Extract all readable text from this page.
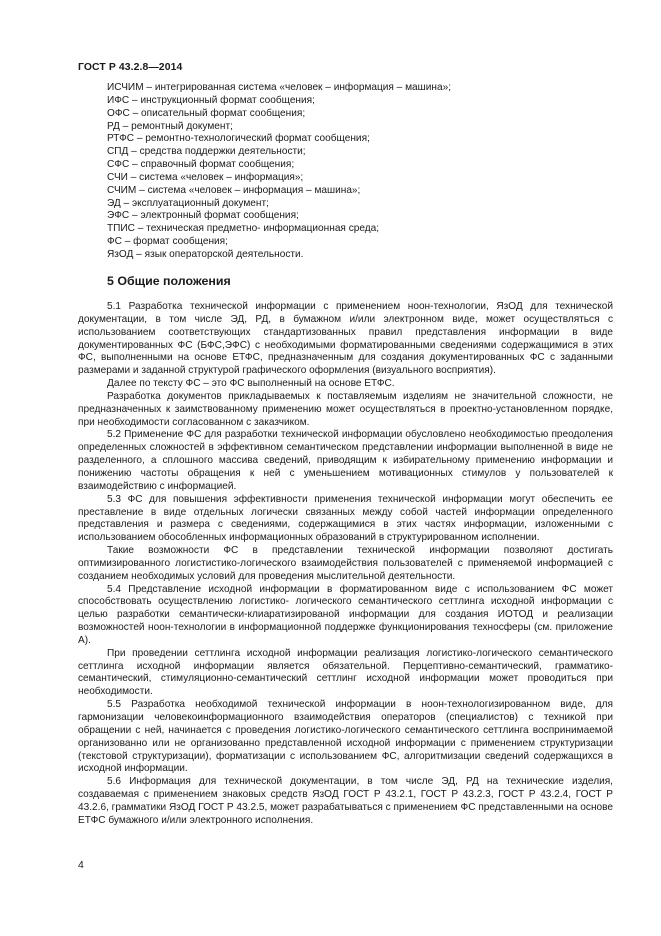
ГОСТ Р 43.2.8—2014
ИСЧИМ – интегрированная система «человек – информация – машина»;
ИФС – инструкционный формат сообщения;
ОФС – описательный формат сообщения;
РД – ремонтный документ;
РТФС – ремонтно-технологический формат сообщения;
СПД – средства поддержки деятельности;
СФС – справочный формат сообщения;
СЧИ – система «человек – информация»;
СЧИМ – система «человек – информация – машина»;
ЭД – эксплуатационный документ;
ЭФС – электронный формат сообщения;
ТПИС – техническая предметно- информационная среда;
ФС – формат сообщения;
ЯзОД – язык операторской деятельности.
5 Общие положения

5.1 Разработка технической информации с применением ноон-технологии, ЯзОД для технической документации, в том числе ЭД, РД, в бумажном и/или электронном виде, может осуществляться с использованием соответствующих стандартизованных правил представления информации в виде документированных ФС (БФС,ЭФС) с необходимыми форматированными сведениями содержащимися в этих ФС, выполненными на основе ЕТФС, предназначенным для создания документированных ФС с заданными размерами и заданной структурой графического оформления (визуального восприятия).

Далее по тексту ФС – это ФС выполненный на основе ЕТФС.

Разработка документов прикладываемых к поставляемым изделиям не значительной сложности, не предназначенных к заимствованному применению может осуществляться в проектно-установленном порядке, при необходимости согласованном с заказчиком.

5.2 Применение ФС для разработки технической информации обусловлено необходимостью преодоления определенных сложностей в эффективном семантическом представлении информации выполненной в виде не разделенного, а сплошного массива сведений, приводящим к избирательному применению информации и понижению частоты обращения к ней с уменьшением мотивационных стимулов у пользователей к взаимодействию с информацией.

5.3 ФС для повышения эффективности применения технической информации могут обеспечить ее преставление в виде отдельных логически связанных между собой частей информации определенного представления и размера с сведениями, содержащимися в этих частях информации, изложенными с использованием обособленных информационных образований в структурированном исполнении.

Такие возможности ФС в представлении технической информации позволяют достигать оптимизированного логистистико-логического взаимодействия пользователей с применяемой информацией с созданием необходимых условий для проведения мыслительной деятельности.

5.4 Представление исходной информации в форматированном виде с использованием ФС может способствовать осуществлению логистико- логического семантического сеттлинга исходной информации с целью разработки семантически-клиаратизированой информации для создания ИОТОД и реализации возможностей ноон-технологии в информационной поддержке функционирования техносферы (см. приложение А).

При проведении сеттлинга исходной информации реализация логистико-логического семантического сеттлинга исходной информации является обязательной. Перцептивно-семантический, грамматико-семантический, стимуляционно-семантический сеттлинг исходной информации может проводиться при необходимости.

5.5 Разработка необходимой технической информации в ноон-технологизированном виде, для гармонизации человекоинформационного взаимодействия операторов (специалистов) с техникой при обращении с ней, начинается с проведения логистико-логического семантического сеттлинга воспринимаемой организованно или не организованно представленной исходной информации с применением структуризации (текстовой структуризации), форматизации с использованием ФС, алгоритмизации сведений содержащихся в исходной информации.

5.6 Информация для технической документации, в том числе ЭД, РД на технические изделия, создаваемая с применением знаковых средств ЯзОД ГОСТ Р 43.2.1, ГОСТ Р 43.2.3, ГОСТ Р 43.2.4, ГОСТ Р 43.2.6, грамматики ЯзОД ГОСТ Р 43.2.5, может разрабатываться с применением ФС представленными на основе ЕТФС бумажного и/или электронного исполнения.

4
